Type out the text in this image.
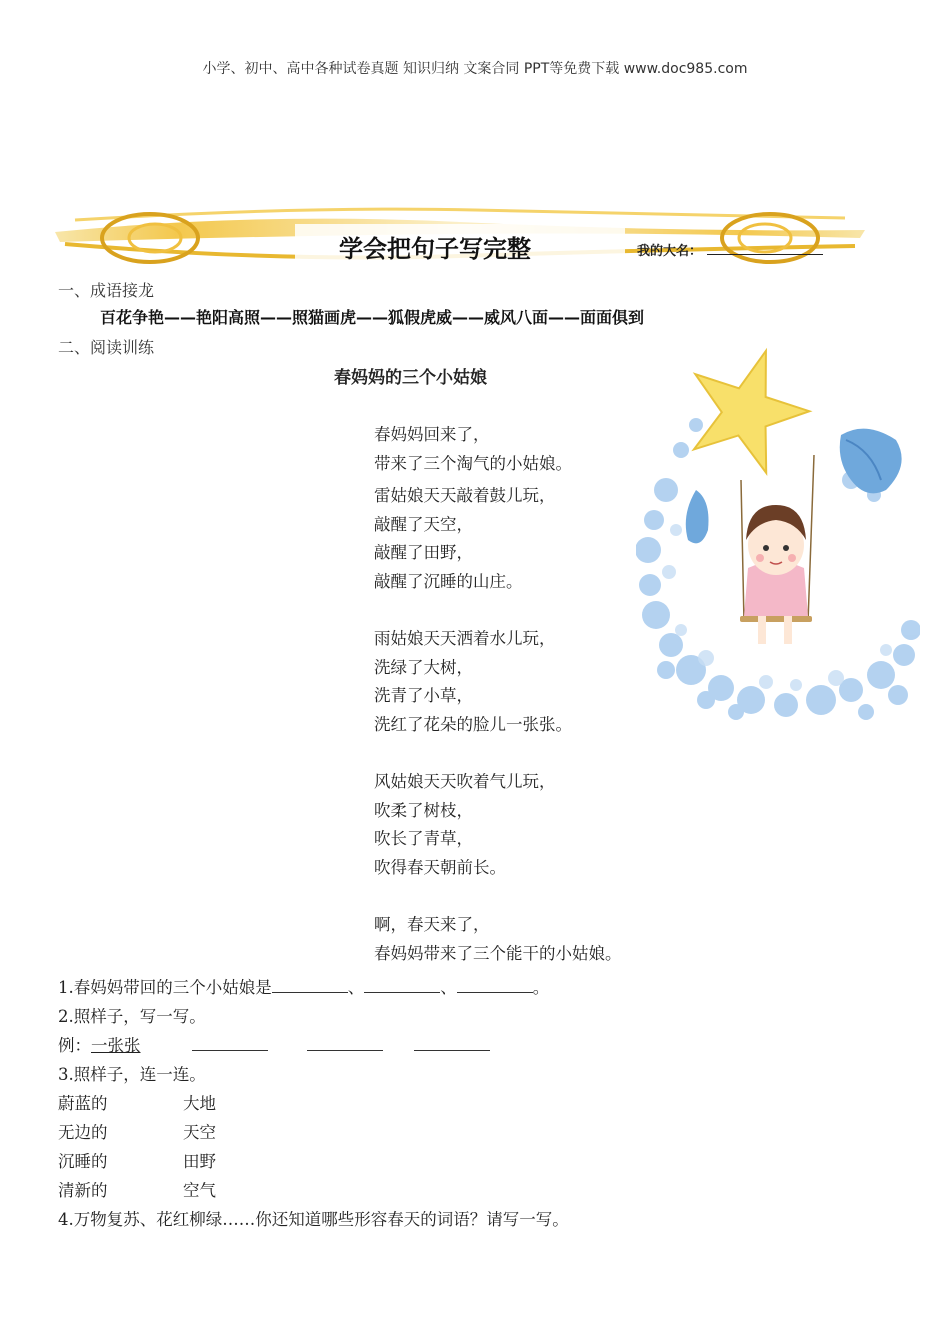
小学、初中、高中各种试卷真题 知识归纳 文案合同 PPT等免费下载 www.doc985.com
学会把句子写完整	我的大名：
一、成语接龙
百花争艳——艳阳高照——照猫画虎——狐假虎威——威风八面——面面俱到
二、阅读训练
春妈妈的三个小姑娘
春妈妈回来了，
带来了三个淘气的小姑娘。
雷姑娘天天敲着鼓儿玩，
敲醒了天空，
敲醒了田野，
敲醒了沉睡的山庄。
雨姑娘天天洒着水儿玩，
洗绿了大树，
洗青了小草，
洗红了花朵的脸儿一张张。
风姑娘天天吹着气儿玩，
吹柔了树枝，
吹长了青草，
吹得春天朝前长。
啊，春天来了，
春妈妈带来了三个能干的小姑娘。
1.春妈妈带回的三个小姑娘是	、	、	。
2.照样子，写一写。
例：一张张
3.照样子，连一连。
蔚蓝的	大地
无边的	天空
沉睡的	田野
清新的	空气
4.万物复苏、花红柳绿……你还知道哪些形容春天的词语？请写一写。
